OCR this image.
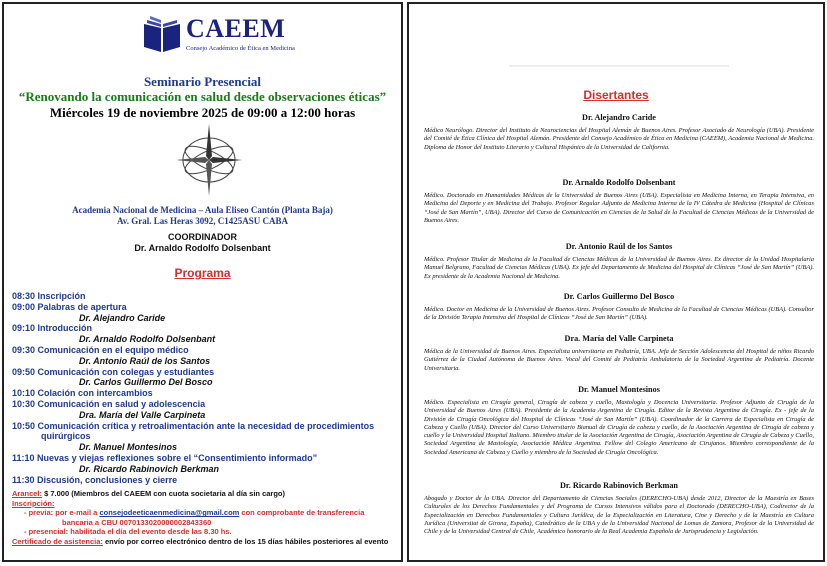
CAEEM
Consejo Académico de Ética en Medicina
Seminario Presencial
“Renovando la comunicación en salud desde observaciones éticas”
Miércoles 19 de noviembre 2025 de 09:00 a 12:00 horas
Academia Nacional de Medicina – Aula Eliseo Cantón (Planta Baja)
Av. Gral. Las Heras 3092, C1425ASU CABA
COORDINADOR
Dr. Arnaldo Rodolfo Dolsenbant
Programa
08:30 Inscripción
09:00 Palabras de apertura
Dr. Alejandro Caride
09:10 Introducción
Dr. Arnaldo Rodolfo Dolsenbant
09:30 Comunicación en el equipo médico
Dr. Antonio Raúl de los Santos
09:50 Comunicación con colegas y estudiantes
Dr. Carlos Guillermo Del Bosco
10:10 Colación con intercambios
10:30 Comunicación en salud y adolescencia
Dra. María del Valle Carpineta
10:50 Comunicación crítica y retroalimentación ante la necesidad de procedimientos
quirúrgicos
Dr. Manuel Montesinos
11:10 Nuevas y viejas reflexiones sobre el “Consentimiento informado”
Dr. Ricardo Rabinovich Berkman
11:30 Discusión, conclusiones y cierre
Arancel: $ 7.000 (Miembros del CAEEM con cuota societaria al día sin cargo)
Inscripción:
- previa: por e-mail a consejodeeticaenmedicina@gmail.com con comprobante de transferencia
bancaria a CBU 0070133020000002843360
- presencial: habilitada el día del evento desde las 8.30 hs.
Certificado de asistencia: envío por correo electrónico dentro de los 15 días hábiles posteriores al evento
Disertantes
Dr. Alejandro Caride
Médico Neurólogo. Director del Instituto de Neurociencias del Hospital Alemán de Buenos Aires. Profesor Asociado de Neurología (UBA). Presidente del Comité de Ética Clínica del Hospital Alemán. Presidente del Consejo Académico de Ética en Medicina (CAEEM), Academia Nacional de Medicina. Diploma de Honor del Instituto Literario y Cultural Hispánico de la Universidad de California.
Dr. Arnaldo Rodolfo Dolsenbant
Médico. Doctorado en Humanidades Médicas de la Universidad de Buenos Aires (UBA). Especialista en Medicina Interna, en Terapia Intensiva, en Medicina del Deporte y en Medicina del Trabajo. Profesor Regular Adjunto de Medicina Interna de la IV Cátedra de Medicina (Hospital de Clínicas “José de San Martín”, UBA). Director del Curso de Comunicación en Ciencias de la Salud de la Facultad de Ciencias Médicas de la Universidad de Buenos Aires.
Dr. Antonio Raúl de los Santos
Médico. Profesor Titular de Medicina de la Facultad de Ciencias Médicas de la Universidad de Buenos Aires. Ex director de la Unidad Hospitalaria Manuel Belgrano, Facultad de Ciencias Médicas (UBA). Ex jefe del Departamento de Medicina del Hospital de Clínicas “José de San Martín” (UBA). Ex presidente de la Academia Nacional de Medicina.
Dr. Carlos Guillermo Del Bosco
Médico. Doctor en Medicina de la Universidad de Buenos Aires. Profesor Consulto de Medicina de la Facultad de Ciencias Médicas (UBA). Consultor de la División Terapia Intensiva del Hospital de Clínicas “José de San Martín” (UBA).
Dra. María del Valle Carpineta
Médica de la Universidad de Buenos Aires. Especialista universitaria en Pediatría, UBA. Jefa de Sección Adolescencia del Hospital de niños Ricardo Gutiérrez de la Ciudad Autónoma de Buenos Aires. Vocal del Comité de Pediatría Ambulatoria de la Sociedad Argentina de Pediatría. Docente Universitaria.
Dr. Manuel Montesinos
Médico. Especialista en Cirugía general, Cirugía de cabeza y cuello, Mastología y Docencia Universitaria. Profesor Adjunto de Cirugía de la Universidad de Buenos Aires (UBA). Presidente de la Academia Argentina de Cirugía. Editor de la Revista Argentina de Cirugía. Ex - jefe de la División de Cirugía Oncológica del Hospital de Clínicas “José de San Martín” (UBA). Coordinador de la Carrera de Especialista en Cirugía de Cabeza y Cuello (UBA). Director del Curso Universitario Bianual de Cirugía de cabeza y cuello, de la Asociación Argentina de Cirugía de cabeza y cuello y la Universidad Hospital Italiano. Miembro titular de la Asociación Argentina de Cirugía, Asociación Argentina de Cirugía de Cabeza y Cuello, Sociedad Argentina de Mastología, Asociación Médica Argentina. Fellow del Colegio Americano de Cirujanos. Miembro correspondiente de la Sociedad Americana de Cabeza y Cuello y miembro de la Sociedad de Cirugía Oncológica.
Dr. Ricardo Rabinovich Berkman
Abogado y Doctor de la UBA. Director del Departamento de Ciencias Sociales (DERECHO-UBA) desde 2012, Director de la Maestría en Bases Culturales de los Derechos Fundamentales y del Programa de Cursos Intensivos válidos para el Doctorado (DERECHO-UBA), Codirector de la Especialización en Derechos Fundamentales y Cultura Jurídica, de la Especialización en Literatura, Cine y Derecho y de la Maestría en Cultura Jurídica (Universitat de Girona, España), Catedrático de la UBA y de la Universidad Nacional de Lomas de Zamora, Profesor de la Universidad de Chile y de la Universidad Central de Chile, Académico honorario de la Real Academia Española de Jurisprudencia y Legislación.
